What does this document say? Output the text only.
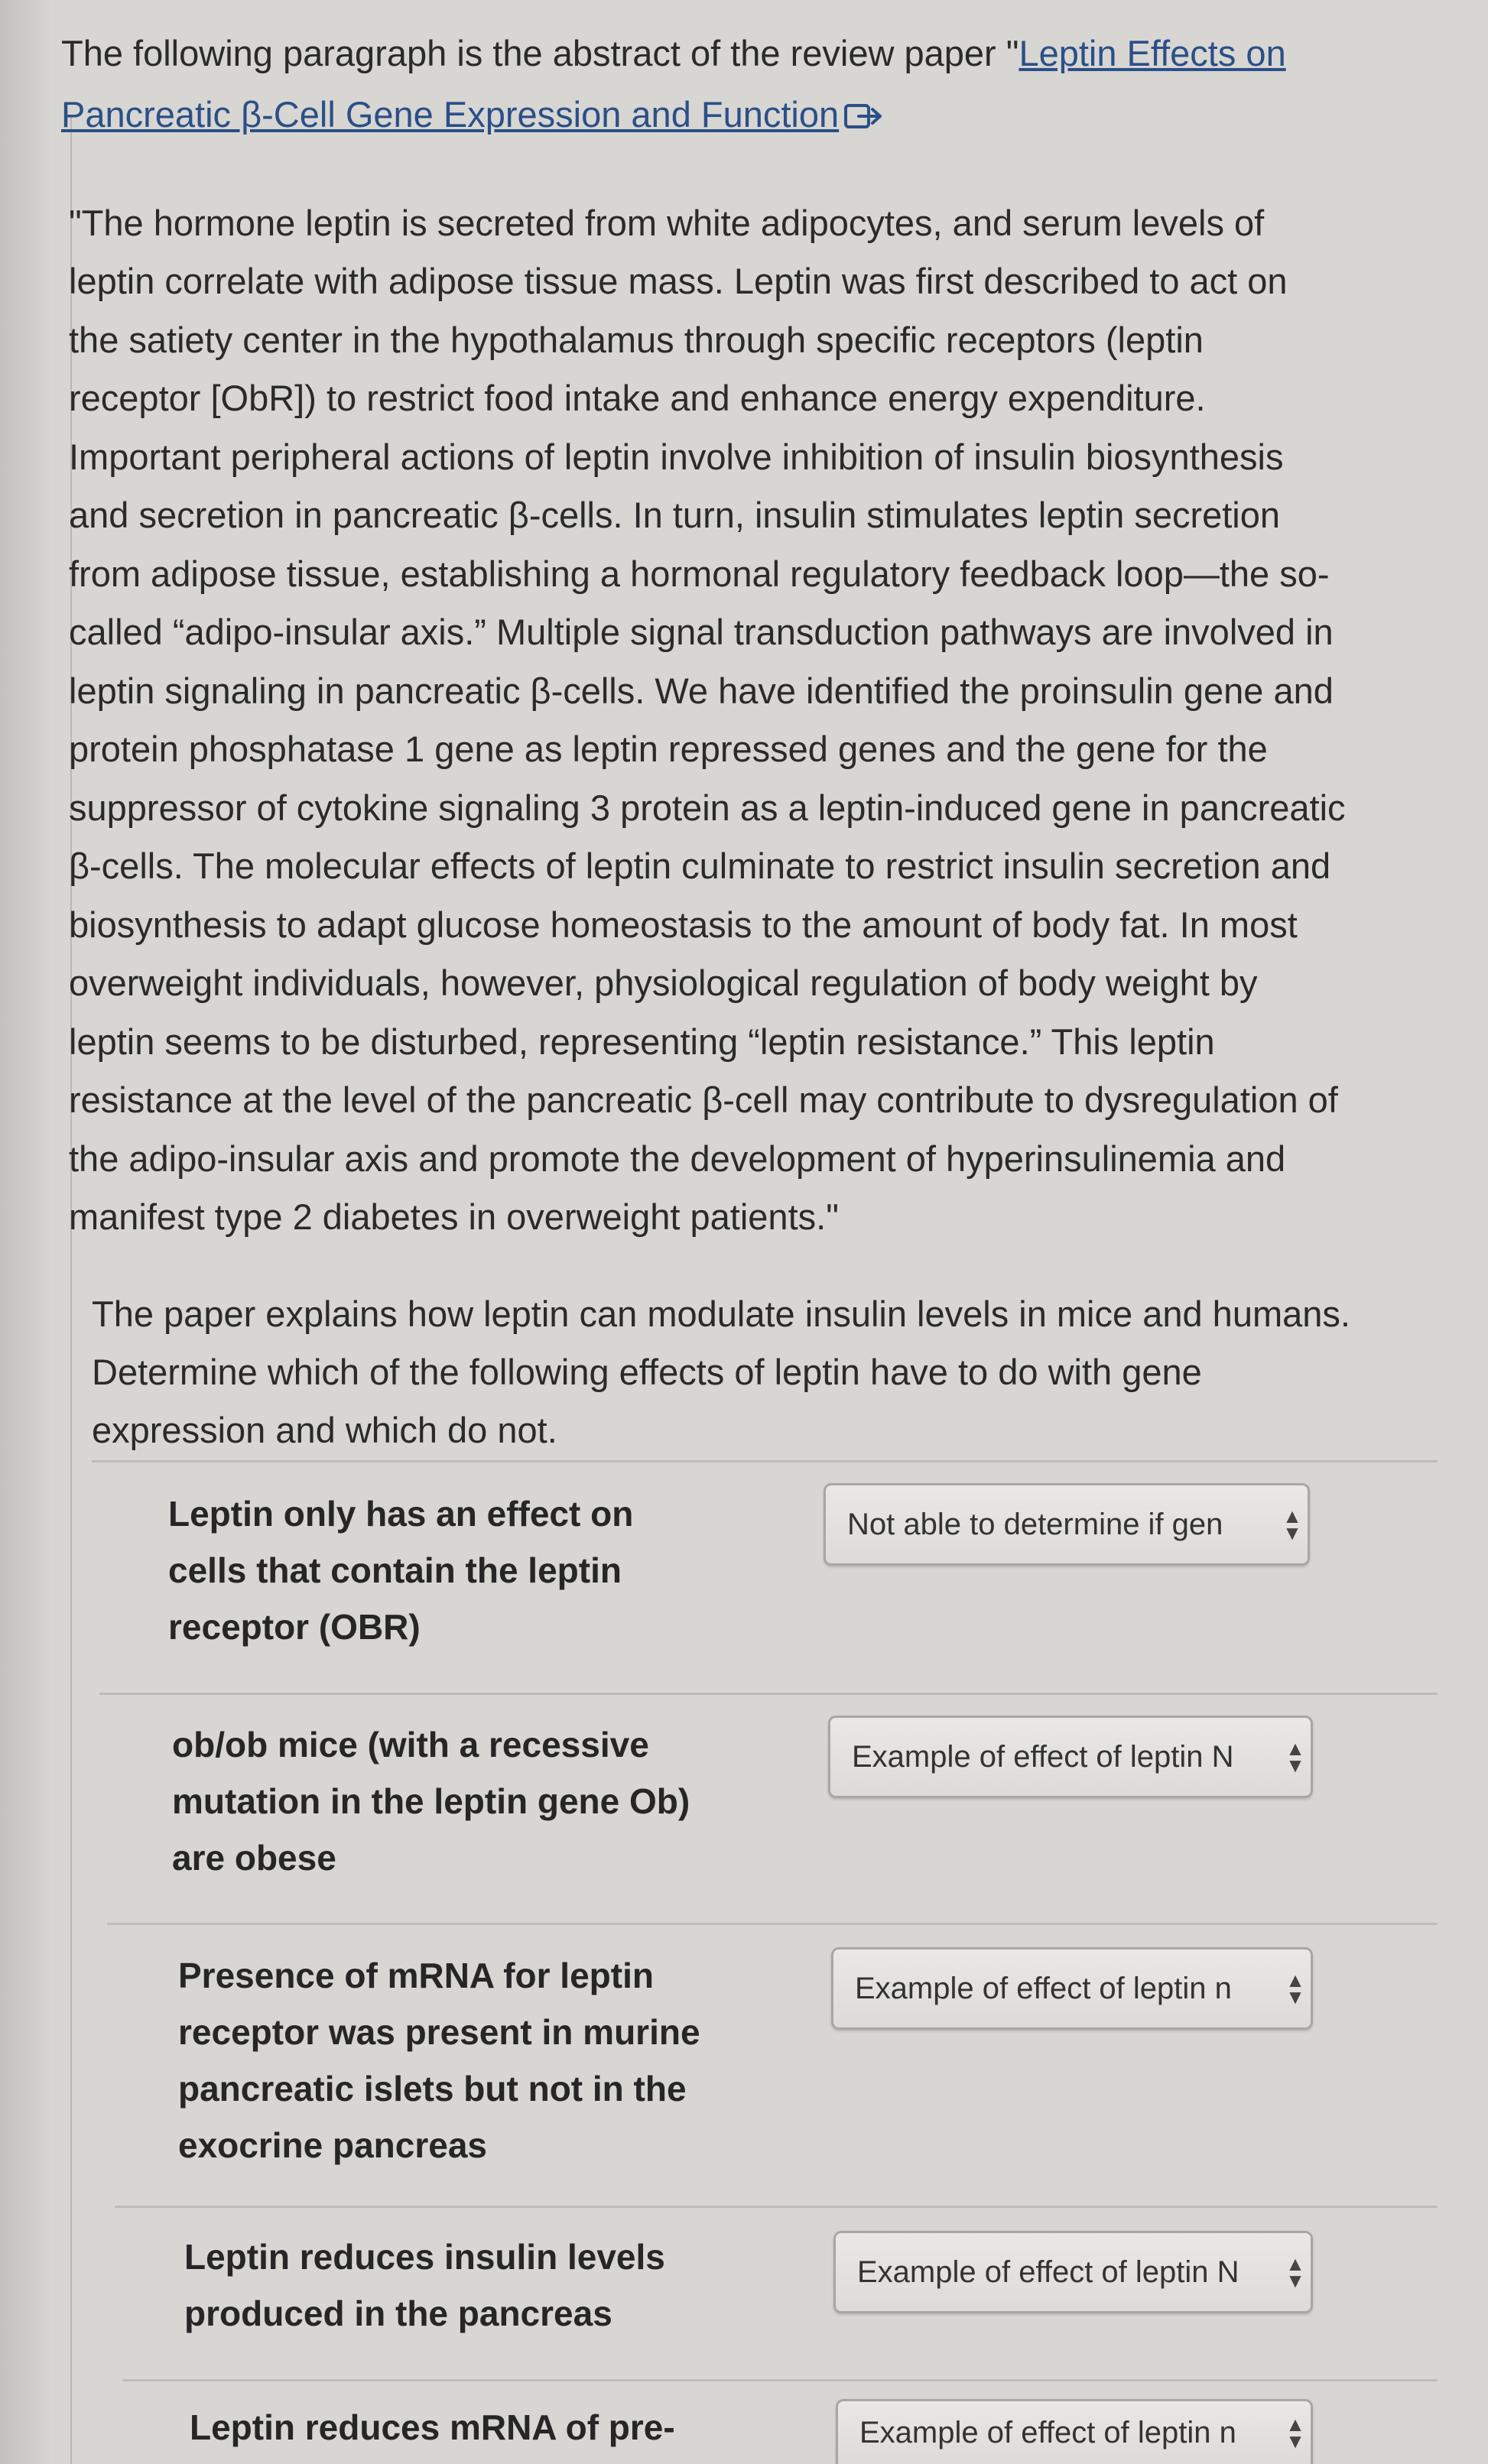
The following paragraph is the abstract of the review paper "Leptin Effects on
Pancreatic β-Cell Gene Expression and Function

"The hormone leptin is secreted from white adipocytes, and serum levels of
leptin correlate with adipose tissue mass. Leptin was first described to act on
the satiety center in the hypothalamus through specific receptors (leptin
receptor [ObR]) to restrict food intake and enhance energy expenditure.
Important peripheral actions of leptin involve inhibition of insulin biosynthesis
and secretion in pancreatic β-cells. In turn, insulin stimulates leptin secretion
from adipose tissue, establishing a hormonal regulatory feedback loop—the so-
called “adipo-insular axis.” Multiple signal transduction pathways are involved in
leptin signaling in pancreatic β-cells. We have identified the proinsulin gene and
protein phosphatase 1 gene as leptin repressed genes and the gene for the
suppressor of cytokine signaling 3 protein as a leptin-induced gene in pancreatic
β-cells. The molecular effects of leptin culminate to restrict insulin secretion and
biosynthesis to adapt glucose homeostasis to the amount of body fat. In most
overweight individuals, however, physiological regulation of body weight by
leptin seems to be disturbed, representing “leptin resistance.” This leptin
resistance at the level of the pancreatic β-cell may contribute to dysregulation of
the adipo-insular axis and promote the development of hyperinsulinemia and
manifest type 2 diabetes in overweight patients."
The paper explains how leptin can modulate insulin levels in mice and humans.
Determine which of the following effects of leptin have to do with gene
expression and which do not.
Leptin only has an effect on
cells that contain the leptin
receptor (OBR)
Not able to determine if gen	▲
▼
ob/ob mice (with a recessive
mutation in the leptin gene Ob)
are obese
Example of effect of leptin N	▲
▼
Presence of mRNA for leptin
receptor was present in murine
pancreatic islets but not in the
exocrine pancreas
Example of effect of leptin n	▲
▼
Leptin reduces insulin levels
produced in the pancreas
Example of effect of leptin N	▲
▼
Leptin reduces mRNA of pre-	Example of effect of leptin n	▲
▼
